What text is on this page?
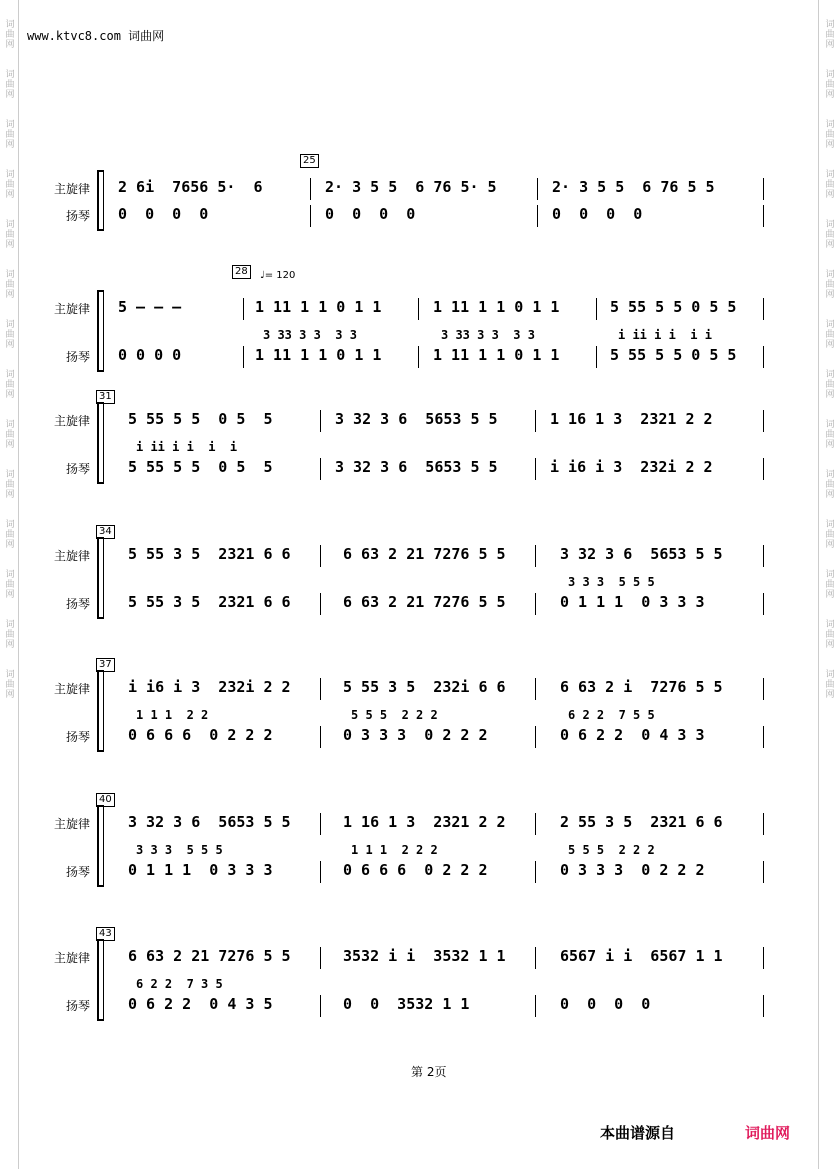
词
曲
网
词
曲
网
词
曲
网
词
曲
网
词
曲
网
词
曲
网
词
曲
网
词
曲
网
词
曲
网
词
曲
网
词
曲
网
词
曲
网
词
曲
网
词
曲
网
词
曲
网
词
曲
网
词
曲
网
词
曲
网
词
曲
网
词
曲
网
词
曲
网
词
曲
网
词
曲
网
词
曲
网
词
曲
网
词
曲
网
词
曲
网
词
曲
网
www.ktvc8.com 词曲网
25
主旋律
扬琴
2 6i  7656 5·  6
0  0  0  0
2· 3 5 5  6 76 5· 5
0  0  0  0
2· 3 5 5  6 76 5 5
0  0  0  0
28	♩= 120
主旋律
扬琴
5 – – –
0 0 0 0
1 11 1 1 0 1 1
3 33 3 3  3 3
1 11 1 1 0 1 1
1 11 1 1 0 1 1
3 33 3 3  3 3
1 11 1 1 0 1 1
5 55 5 5 0 5 5
i ii i i  i i
5 55 5 5 0 5 5
31
主旋律
扬琴
5 55 5 5  0 5  5
i ii i i  i  i
5 55 5 5  0 5  5
3 32 3 6  5653 5 5
3 32 3 6  5653 5 5
1 16 1 3  2321 2 2
i i6 i 3  232i 2 2
34
主旋律
扬琴
5 55 3 5  2321 6 6
5 55 3 5  2321 6 6
6 63 2 21 7276 5 5
6 63 2 21 7276 5 5
3 32 3 6  5653 5 5
3 3 3  5 5 5
0 1 1 1  0 3 3 3
37
主旋律
扬琴
i i6 i 3  232i 2 2
1 1 1  2 2
0 6 6 6  0 2 2 2
5 55 3 5  232i 6 6
5 5 5  2 2 2
0 3 3 3  0 2 2 2
6 63 2 i  7276 5 5
6 2 2  7 5 5
0 6 2 2  0 4 3 3
40
主旋律
扬琴
3 32 3 6  5653 5 5
3 3 3  5 5 5
0 1 1 1  0 3 3 3
1 16 1 3  2321 2 2
1 1 1  2 2 2
0 6 6 6  0 2 2 2
2 55 3 5  2321 6 6
5 5 5  2 2 2
0 3 3 3  0 2 2 2
43
主旋律
扬琴
6 63 2 21 7276 5 5
6 2 2  7 3 5
0 6 2 2  0 4 3 5
3532 i i  3532 1 1
0  0  3532 1 1
6567 i i  6567 1 1
0  0  0  0
第 2页
本曲谱源自	词曲网
